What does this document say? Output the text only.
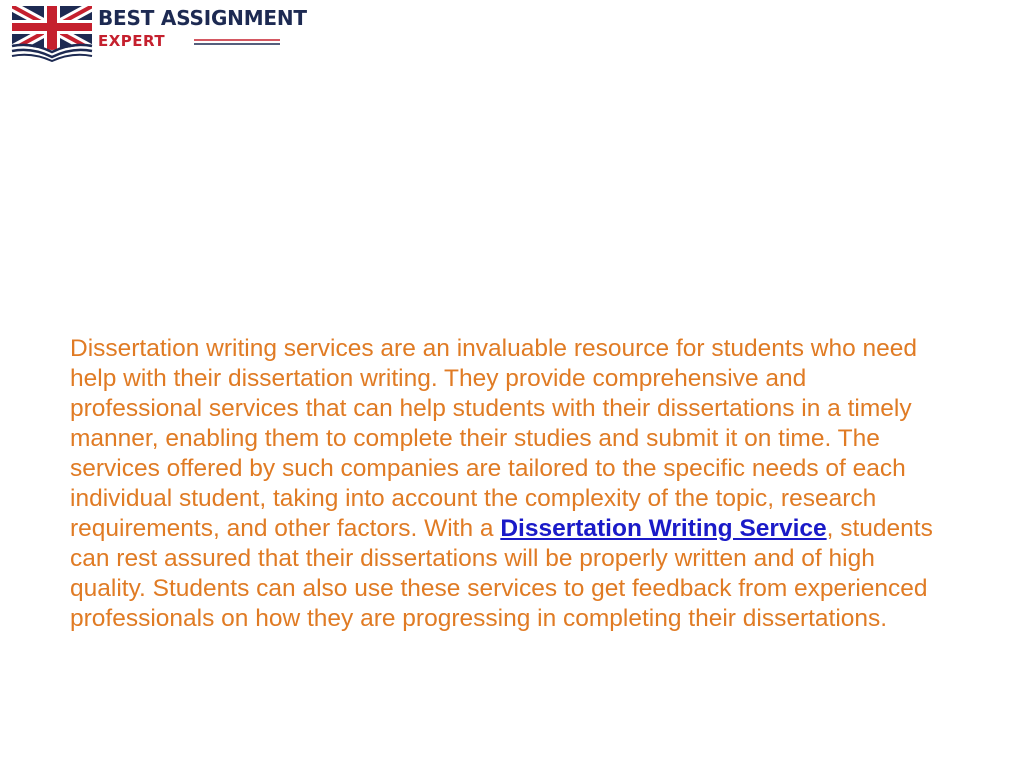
BEST ASSIGNMENT
EXPERT

Dissertation writing services are an invaluable resource for students who need help with their dissertation writing. They provide comprehensive and professional services that can help students with their dissertations in a timely manner, enabling them to complete their studies and submit it on time. The services offered by such companies are tailored to the specific needs of each individual student, taking into account the complexity of the topic, research requirements, and other factors. With a Dissertation Writing Service, students can rest assured that their dissertations will be properly written and of high quality. Students can also use these services to get feedback from experienced professionals on how they are progressing in completing their dissertations.
